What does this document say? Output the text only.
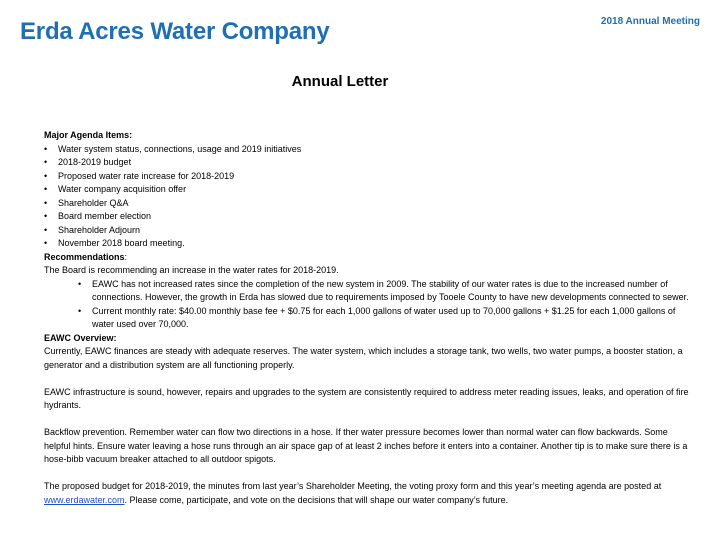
2018 Annual Meeting
Erda Acres Water Company
Annual Letter

Major Agenda Items:

• Water system status, connections, usage and 2019 initiatives
• 2018-2019 budget
• Proposed water rate increase for 2018-2019
• Water company acquisition offer
• Shareholder Q&A
• Board member election
• Shareholder Adjourn
• November 2018 board meeting.

Recommendations:

The Board is recommending an increase in the water rates for 2018-2019.

• EAWC has not increased rates since the completion of the new system in 2009. The stability of our water rates is due to the increased number of connections. However, the growth in Erda has slowed due to requirements imposed by Tooele County to have new developments connected to sewer.
• Current monthly rate: $40.00 monthly base fee + $0.75 for each 1,000 gallons of water used up to 70,000 gallons + $1.25 for each 1,000 gallons of water used over 70,000.

EAWC Overview:

Currently, EAWC finances are steady with adequate reserves. The water system, which includes a storage tank, two wells, two water pumps, a booster station, a generator and a distribution system are all functioning properly.

EAWC infrastructure is sound, however, repairs and upgrades to the system are consistently required to address meter reading issues, leaks, and operation of fire hydrants.

Backflow prevention. Remember water can flow two directions in a hose. If ther water pressure becomes lower than normal water can flow backwards. Some helpful hints. Ensure water leaving a hose runs through an air space gap of at least 2 inches before it enters into a container. Another tip is to make sure there is a hose-bibb vacuum breaker attached to all outdoor spigots.

The proposed budget for 2018-2019, the minutes from last year’s Shareholder Meeting, the voting proxy form and this year’s meeting agenda are posted at www.erdawater.com. Please come, participate, and vote on the decisions that will shape our water company’s future.
